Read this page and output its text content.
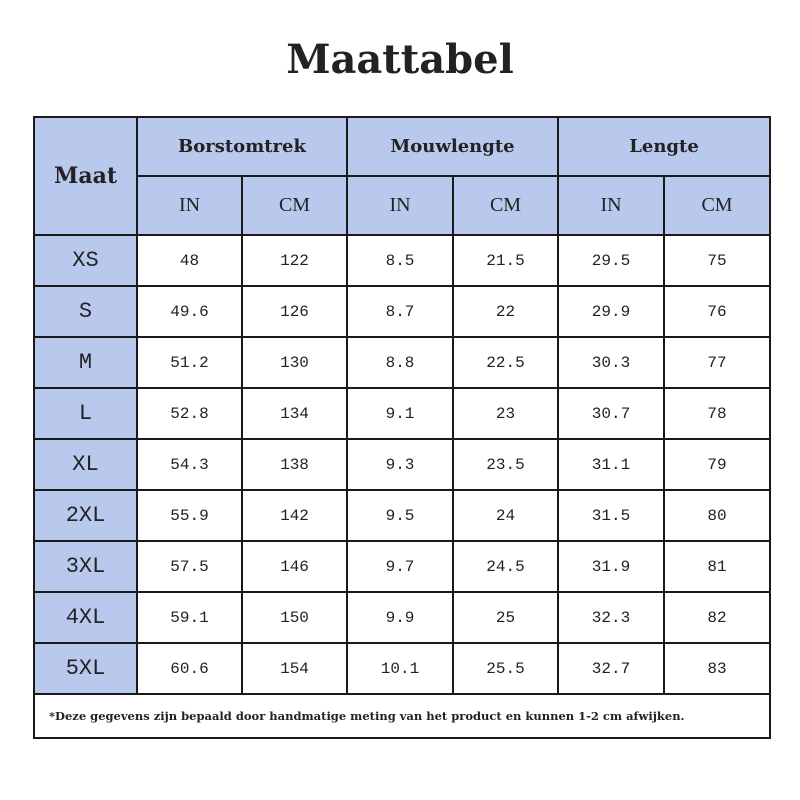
Maattabel
Maat	Borstomtrek		Mouwlengte		Lengte	
	IN	CM	IN	CM	IN	CM
XS	48	122	8.5	21.5	29.5	75
S	49.6	126	8.7	22	29.9	76
M	51.2	130	8.8	22.5	30.3	77
L	52.8	134	9.1	23	30.7	78
XL	54.3	138	9.3	23.5	31.1	79
2XL	55.9	142	9.5	24	31.5	80
3XL	57.5	146	9.7	24.5	31.9	81
4XL	59.1	150	9.9	25	32.3	82
5XL	60.6	154	10.1	25.5	32.7	83
*Deze gegevens zijn bepaald door handmatige meting van het product en kunnen 1-2 cm afwijken.						
